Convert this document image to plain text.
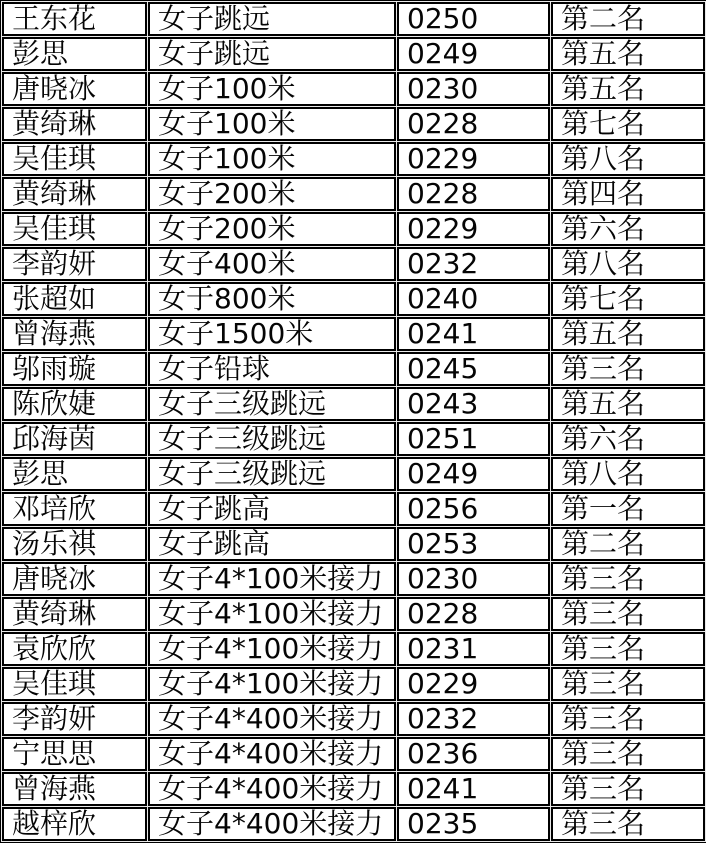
王东花	女子跳远	0250	第二名
彭思	女子跳远	0249	第五名
唐晓冰	女子100米	0230	第五名
黄绮琳	女子100米	0228	第七名
吴佳琪	女子100米	0229	第八名
黄绮琳	女子200米	0228	第四名
吴佳琪	女子200米	0229	第六名
李韵妍	女子400米	0232	第八名
张超如	女于800米	0240	第七名
曾海燕	女子1500米	0241	第五名
邬雨璇	女子铅球	0245	第三名
陈欣婕	女子三级跳远	0243	第五名
邱海茵	女子三级跳远	0251	第六名
彭思	女子三级跳远	0249	第八名
邓培欣	女子跳高	0256	第一名
汤乐祺	女子跳高	0253	第二名
唐晓冰	女子4*100米接力	0230	第三名
黄绮琳	女子4*100米接力	0228	第三名
袁欣欣	女子4*100米接力	0231	第三名
吴佳琪	女子4*100米接力	0229	第三名
李韵妍	女子4*400米接力	0232	第三名
宁思思	女子4*400米接力	0236	第三名
曾海燕	女子4*400米接力	0241	第三名
越梓欣	女子4*400米接力	0235	第三名
